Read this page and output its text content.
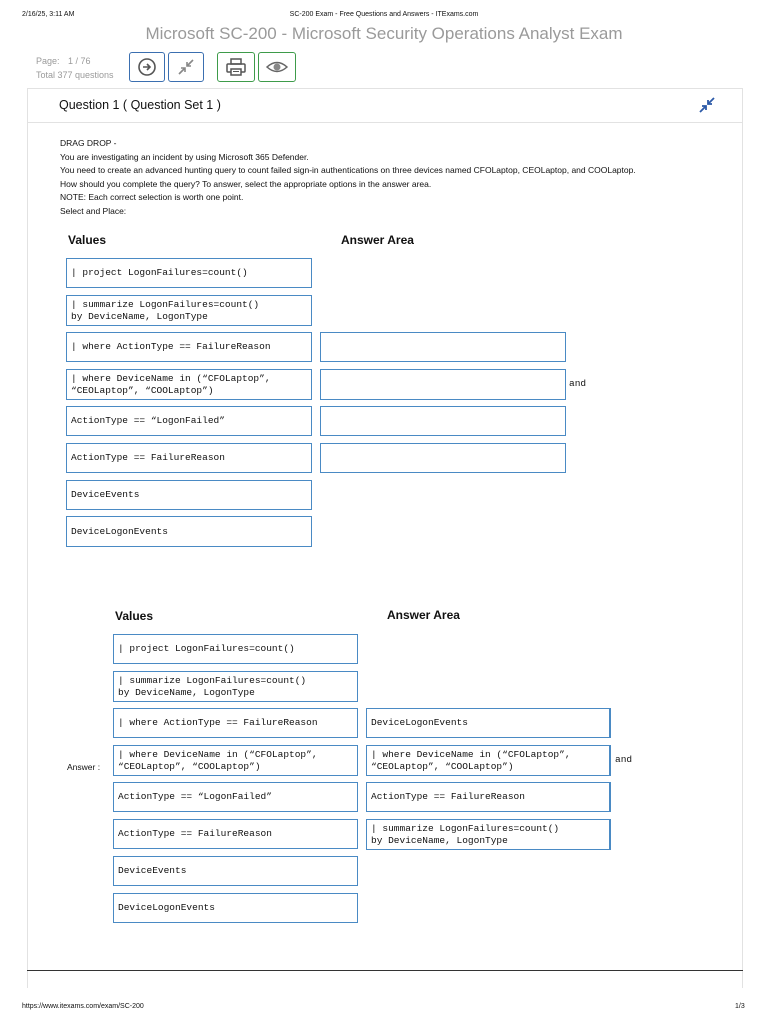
2/16/25, 3:11 AM	SC-200 Exam - Free Questions and Answers - ITExams.com
Microsoft SC-200 - Microsoft Security Operations Analyst Exam
Page: 1 / 76
Total 377 questions
Question 1 ( Question Set 1 )

DRAG DROP -

You are investigating an incident by using Microsoft 365 Defender.

You need to create an advanced hunting query to count failed sign-in authentications on three devices named CFOLaptop, CEOLaptop, and COOLaptop.

How should you complete the query? To answer, select the appropriate options in the answer area.

NOTE: Each correct selection is worth one point.

Select and Place:

Values	Answer Area
| project LogonFailures=count()
| summarize LogonFailures=count()
by DeviceName, LogonType
| where ActionType == FailureReason
| where DeviceName in (“CFOLaptop”,
“CEOLaptop”, “COOLaptop”)
ActionType == “LogonFailed”
ActionType == FailureReason
DeviceEvents
DeviceLogonEvents
and
Values	Answer Area
Answer :
| project LogonFailures=count()
| summarize LogonFailures=count()
by DeviceName, LogonType
| where ActionType == FailureReason
| where DeviceName in (“CFOLaptop”,
“CEOLaptop”, “COOLaptop”)
ActionType == “LogonFailed”
ActionType == FailureReason
DeviceEvents
DeviceLogonEvents
DeviceLogonEvents
| where DeviceName in (“CFOLaptop”,
“CEOLaptop”, “COOLaptop”)
and
ActionType == FailureReason
| summarize LogonFailures=count()
by DeviceName, LogonType
https://www.itexams.com/exam/SC-200	1/3
